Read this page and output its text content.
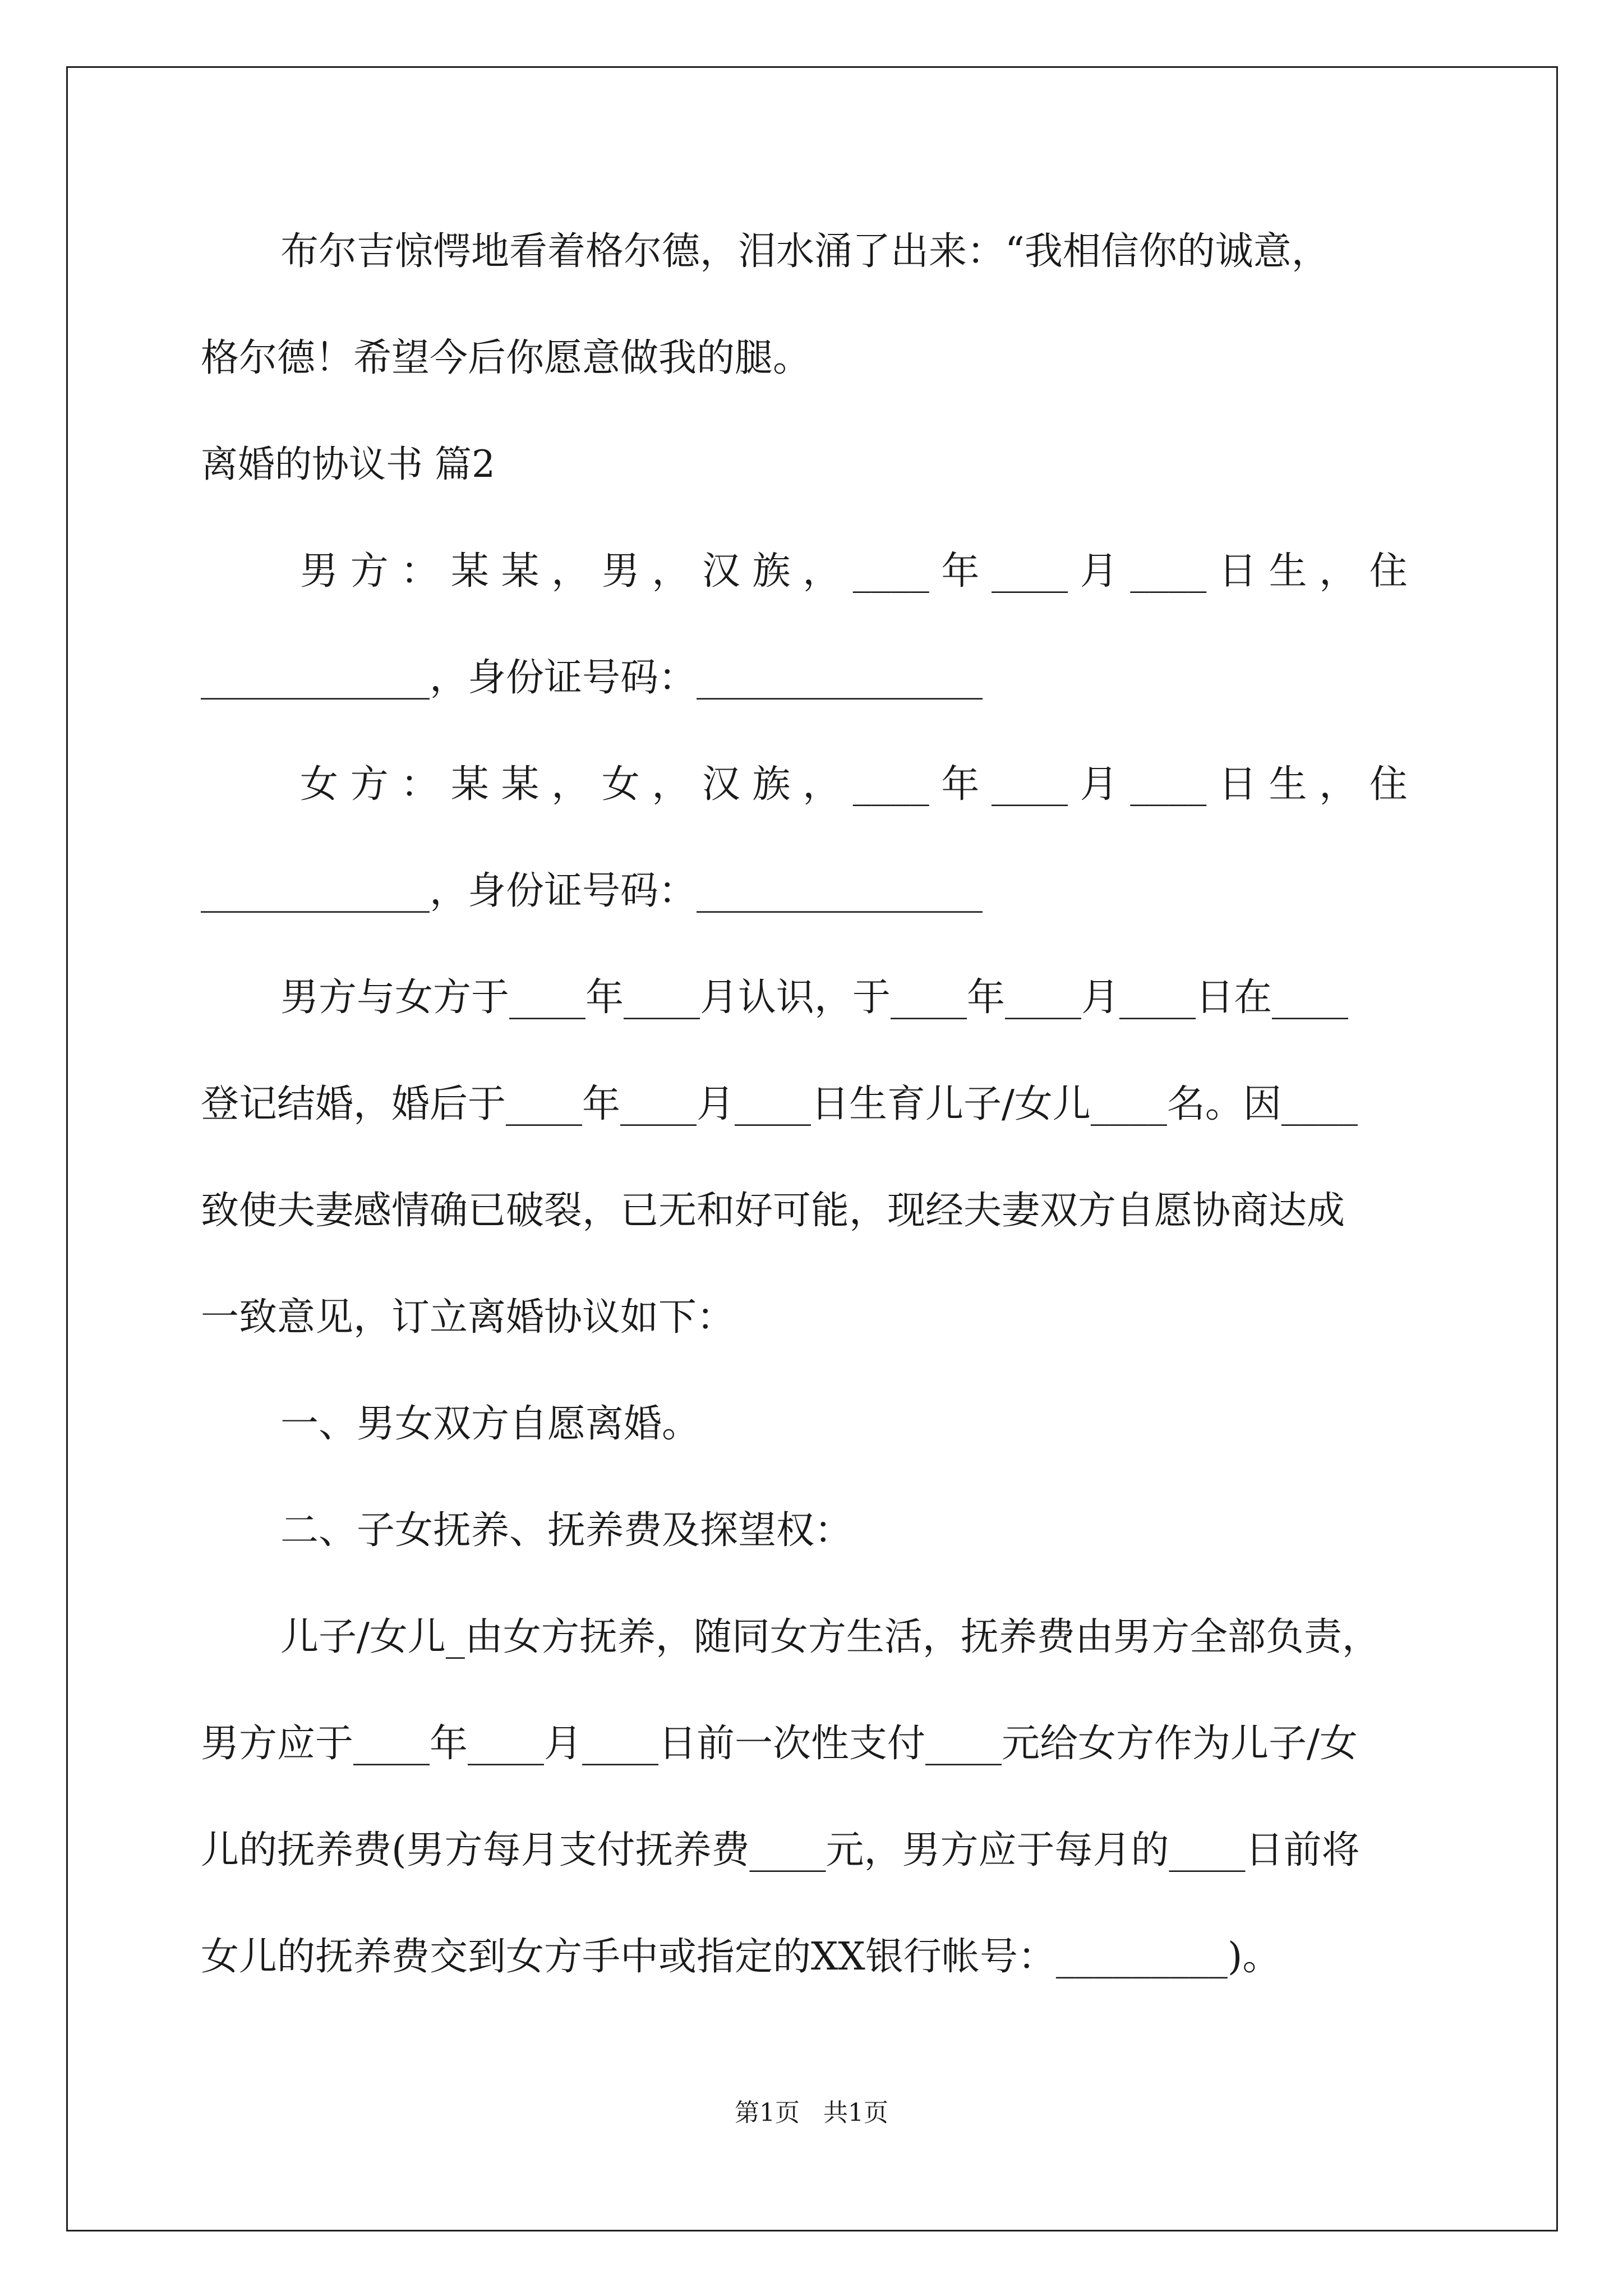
布尔吉惊愕地看着格尔德，泪水涌了出来：“我相信你的诚意，
格尔德！希望今后你愿意做我的腿。
离婚的协议书 篇2
男 方 ： 某 某 ， 男 ， 汉 族 ， ____ 年 ____ 月 ____ 日 生 ， 住
____________，身份证号码：_______________
女 方 ： 某 某 ， 女 ， 汉 族 ， ____ 年 ____ 月 ____ 日 生 ， 住
____________，身份证号码：_______________
男方与女方于____年____月认识，于____年____月____日在____
登记结婚，婚后于____年____月____日生育儿子/女儿____名。因____
致使夫妻感情确已破裂，已无和好可能，现经夫妻双方自愿协商达成
一致意见，订立离婚协议如下：
一、男女双方自愿离婚。
二、子女抚养、抚养费及探望权：
儿子/女儿_由女方抚养，随同女方生活，抚养费由男方全部负责，
男方应于____年____月____日前一次性支付____元给女方作为儿子/女
儿的抚养费(男方每月支付抚养费____元，男方应于每月的____日前将
女儿的抚养费交到女方手中或指定的XX银行帐号：_________)。
第1页   共1页
